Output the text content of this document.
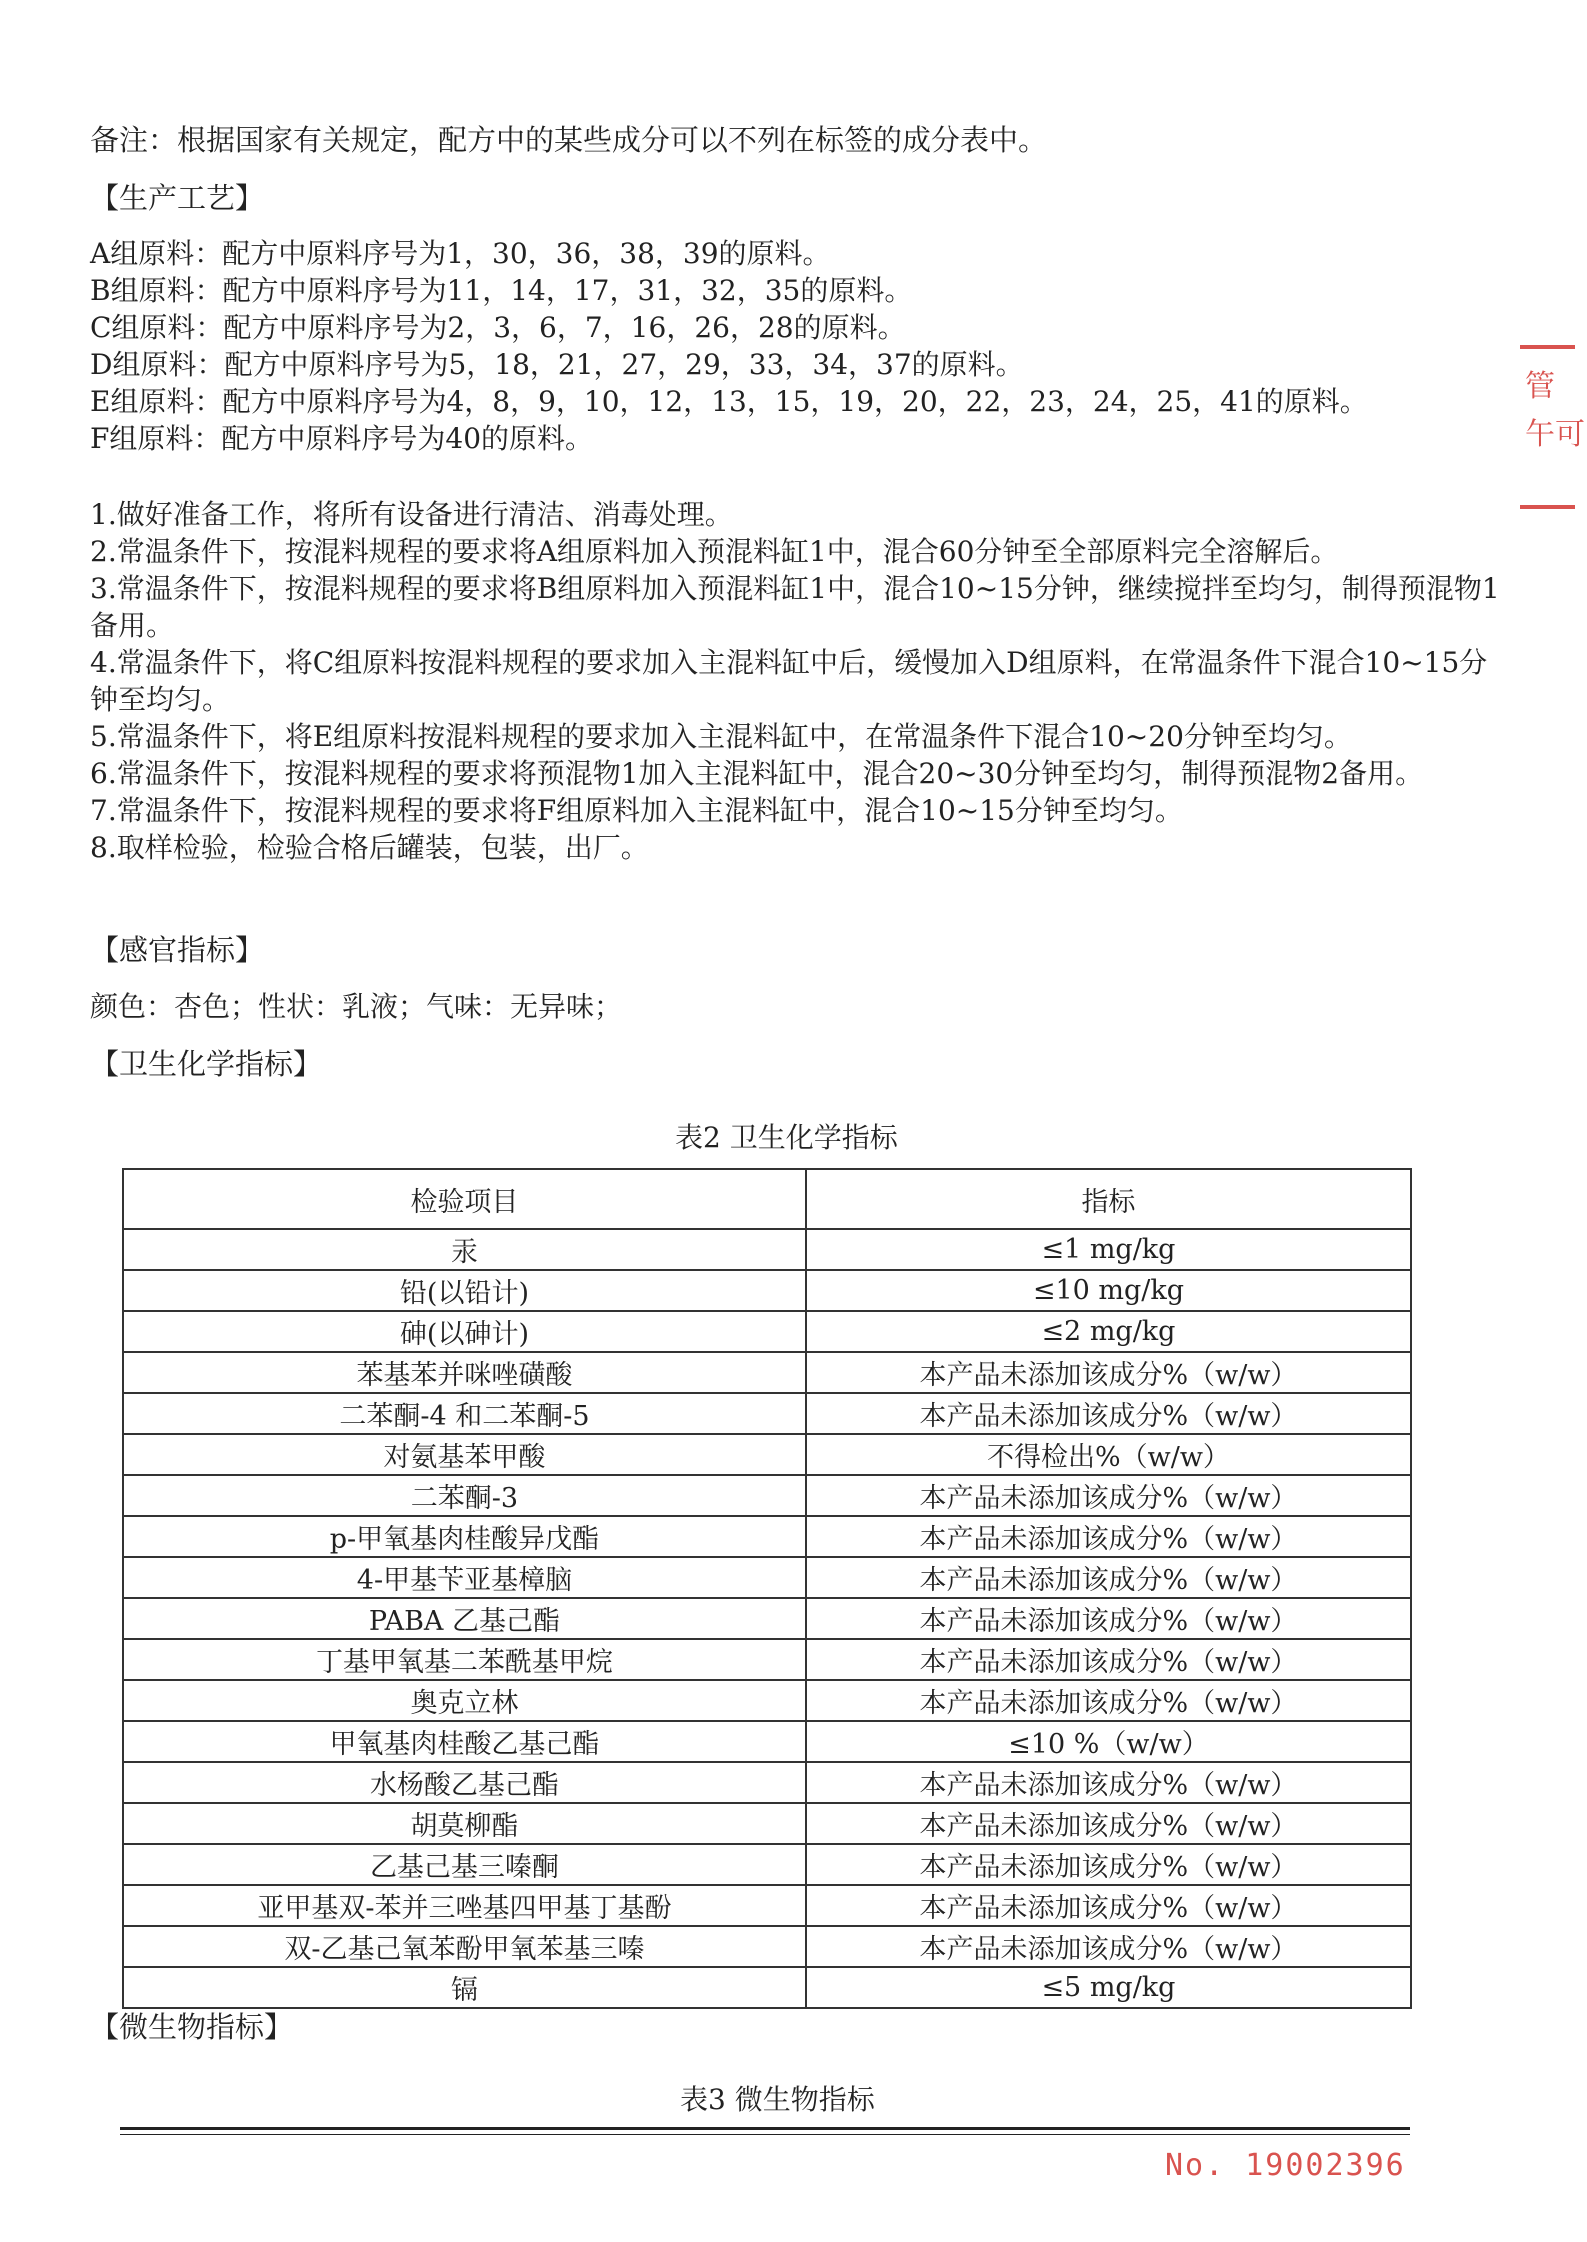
备注：根据国家有关规定，配方中的某些成分可以不列在标签的成分表中。
【生产工艺】
A组原料：配方中原料序号为1，30，36，38，39的原料。
B组原料：配方中原料序号为11，14，17，31，32，35的原料。
C组原料：配方中原料序号为2，3，6，7，16，26，28的原料。
D组原料：配方中原料序号为5，18，21，27，29，33，34，37的原料。
E组原料：配方中原料序号为4，8，9，10，12，13，15，19，20，22，23，24，25，41的原料。
F组原料：配方中原料序号为40的原料。
1.做好准备工作，将所有设备进行清洁、消毒处理。
2.常温条件下，按混料规程的要求将A组原料加入预混料缸1中，混合60分钟至全部原料完全溶解后。
3.常温条件下，按混料规程的要求将B组原料加入预混料缸1中，混合10~15分钟，继续搅拌至均匀，制得预混物1备用。
4.常温条件下，将C组原料按混料规程的要求加入主混料缸中后，缓慢加入D组原料，在常温条件下混合10~15分钟至均匀。
5.常温条件下，将E组原料按混料规程的要求加入主混料缸中，在常温条件下混合10~20分钟至均匀。
6.常温条件下，按混料规程的要求将预混物1加入主混料缸中，混合20~30分钟至均匀，制得预混物2备用。
7.常温条件下，按混料规程的要求将F组原料加入主混料缸中，混合10~15分钟至均匀。
8.取样检验，检验合格后罐装，包装，出厂。
【感官指标】
颜色：杏色；性状：乳液；气味：无异味；
【卫生化学指标】
表2 卫生化学指标
检验项目	指标
汞	≤1 mg/kg
铅(以铅计)	≤10 mg/kg
砷(以砷计)	≤2 mg/kg
苯基苯并咪唑磺酸	本产品未添加该成分%（w/w）
二苯酮-4 和二苯酮-5	本产品未添加该成分%（w/w）
对氨基苯甲酸	不得检出%（w/w）
二苯酮-3	本产品未添加该成分%（w/w）
p-甲氧基肉桂酸异戊酯	本产品未添加该成分%（w/w）
4-甲基苄亚基樟脑	本产品未添加该成分%（w/w）
PABA 乙基己酯	本产品未添加该成分%（w/w）
丁基甲氧基二苯酰基甲烷	本产品未添加该成分%（w/w）
奥克立林	本产品未添加该成分%（w/w）
甲氧基肉桂酸乙基己酯	≤10 %（w/w）
水杨酸乙基己酯	本产品未添加该成分%（w/w）
胡莫柳酯	本产品未添加该成分%（w/w）
乙基己基三嗪酮	本产品未添加该成分%（w/w）
亚甲基双-苯并三唑基四甲基丁基酚	本产品未添加该成分%（w/w）
双-乙基己氧苯酚甲氧苯基三嗪	本产品未添加该成分%（w/w）
镉	≤5 mg/kg
【微生物指标】
表3 微生物指标
No. 19002396
管
午可
